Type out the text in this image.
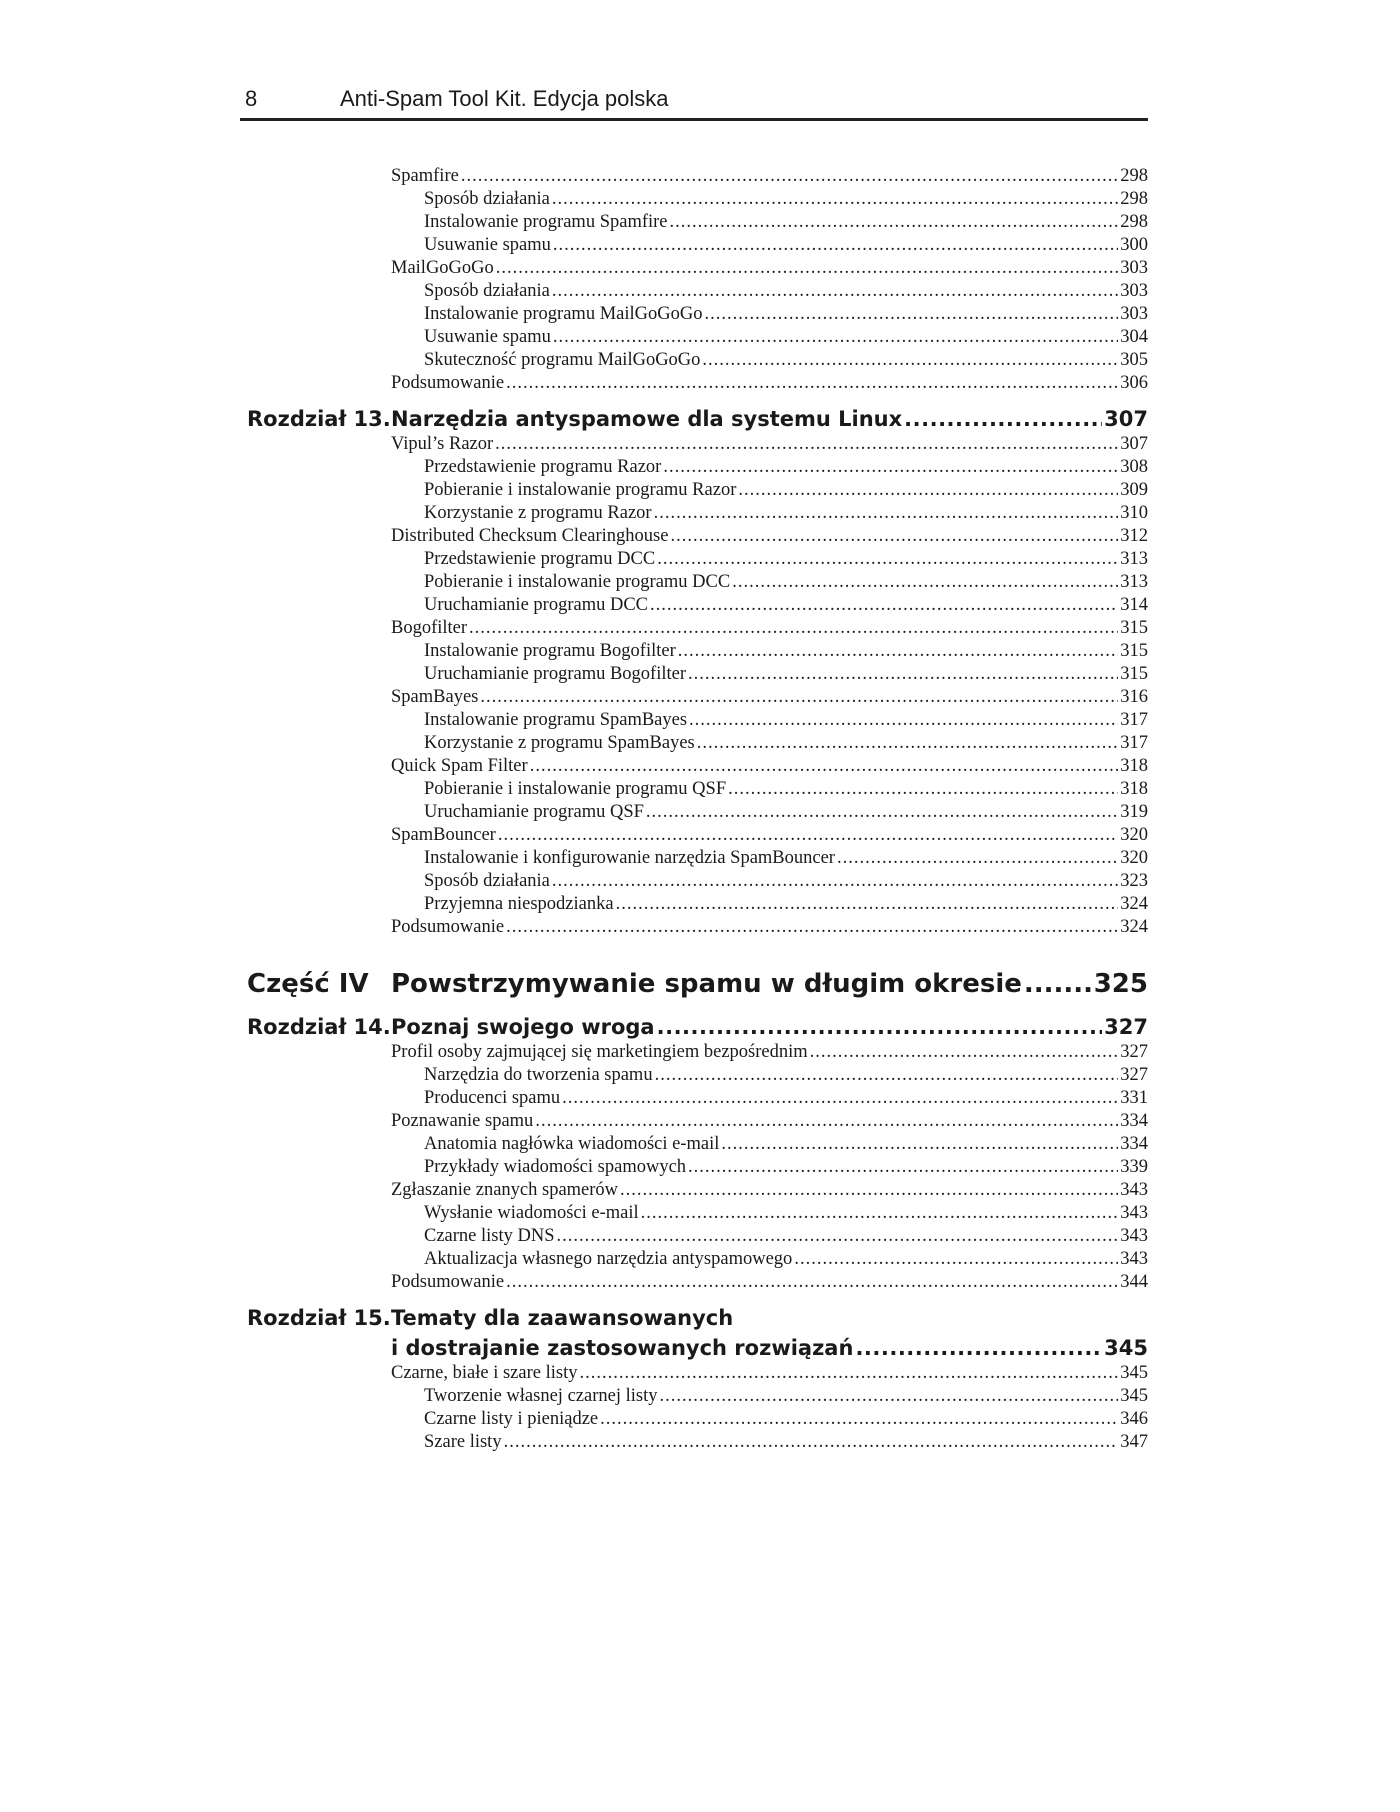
8	Anti-Spam Tool Kit. Edycja polska
Spamfire .....	298
Sposób działania .....	298
Instalowanie programu Spamfire .....	298
Usuwanie spamu .....	300
MailGoGoGo .....	303
Sposób działania .....	303
Instalowanie programu MailGoGoGo .....	303
Usuwanie spamu .....	304
Skuteczność programu MailGoGoGo .....	305
Podsumowanie .....	306
Rozdział 13. Narzędzia antyspamowe dla systemu Linux .....	307
Vipul’s Razor .....	307
Przedstawienie programu Razor .....	308
Pobieranie i instalowanie programu Razor .....	309
Korzystanie z programu Razor .....	310
Distributed Checksum Clearinghouse .....	312
Przedstawienie programu DCC .....	313
Pobieranie i instalowanie programu DCC .....	313
Uruchamianie programu DCC .....	314
Bogofilter .....	315
Instalowanie programu Bogofilter .....	315
Uruchamianie programu Bogofilter .....	315
SpamBayes .....	316
Instalowanie programu SpamBayes .....	317
Korzystanie z programu SpamBayes .....	317
Quick Spam Filter .....	318
Pobieranie i instalowanie programu QSF .....	318
Uruchamianie programu QSF .....	319
SpamBouncer .....	320
Instalowanie i konfigurowanie narzędzia SpamBouncer .....	320
Sposób działania .....	323
Przyjemna niespodzianka .....	324
Podsumowanie .....	324
Część IV Powstrzymywanie spamu w długim okresie .....	325
Rozdział 14. Poznaj swojego wroga .....	327
Profil osoby zajmującej się marketingiem bezpośrednim .....	327
Narzędzia do tworzenia spamu .....	327
Producenci spamu .....	331
Poznawanie spamu .....	334
Anatomia nagłówka wiadomości e-mail .....	334
Przykłady wiadomości spamowych .....	339
Zgłaszanie znanych spamerów .....	343
Wysłanie wiadomości e-mail .....	343
Czarne listy DNS .....	343
Aktualizacja własnego narzędzia antyspamowego .....	343
Podsumowanie .....	344
Rozdział 15. Tematy dla zaawansowanych
i dostrajanie zastosowanych rozwiązań .....	345
Czarne, białe i szare listy .....	345
Tworzenie własnej czarnej listy .....	345
Czarne listy i pieniądze .....	346
Szare listy .....	347
